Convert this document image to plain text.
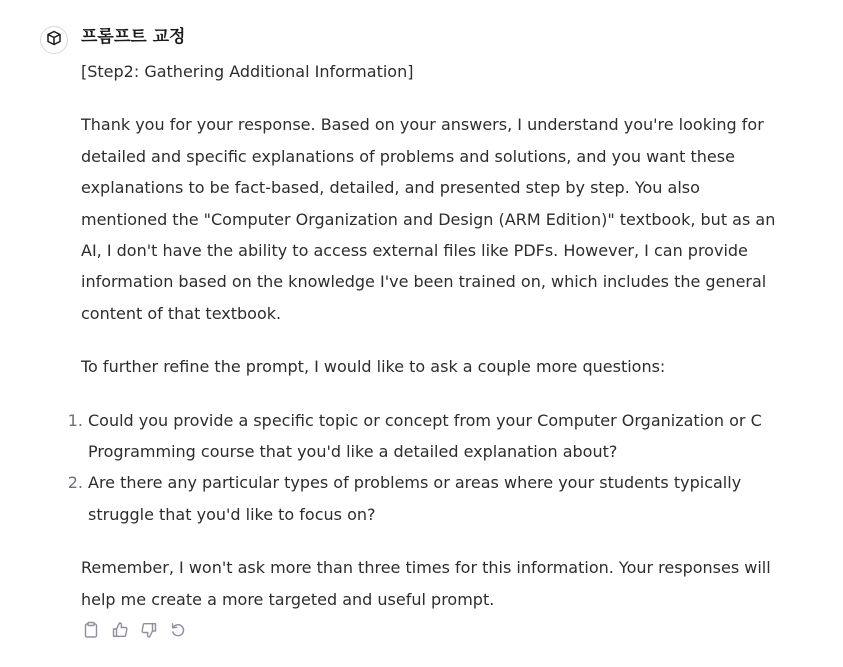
프롬프트 교정

[Step2: Gathering Additional Information]

Thank you for your response. Based on your answers, I understand you're looking for detailed and specific explanations of problems and solutions, and you want these explanations to be fact-based, detailed, and presented step by step. You also mentioned the "Computer Organization and Design (ARM Edition)" textbook, but as an AI, I don't have the ability to access external files like PDFs. However, I can provide information based on the knowledge I've been trained on, which includes the general content of that textbook.

To further refine the prompt, I would like to ask a couple more questions:

1. Could you provide a specific topic or concept from your Computer Organization or C Programming course that you'd like a detailed explanation about?
2. Are there any particular types of problems or areas where your students typically struggle that you'd like to focus on?

Remember, I won't ask more than three times for this information. Your responses will help me create a more targeted and useful prompt.
